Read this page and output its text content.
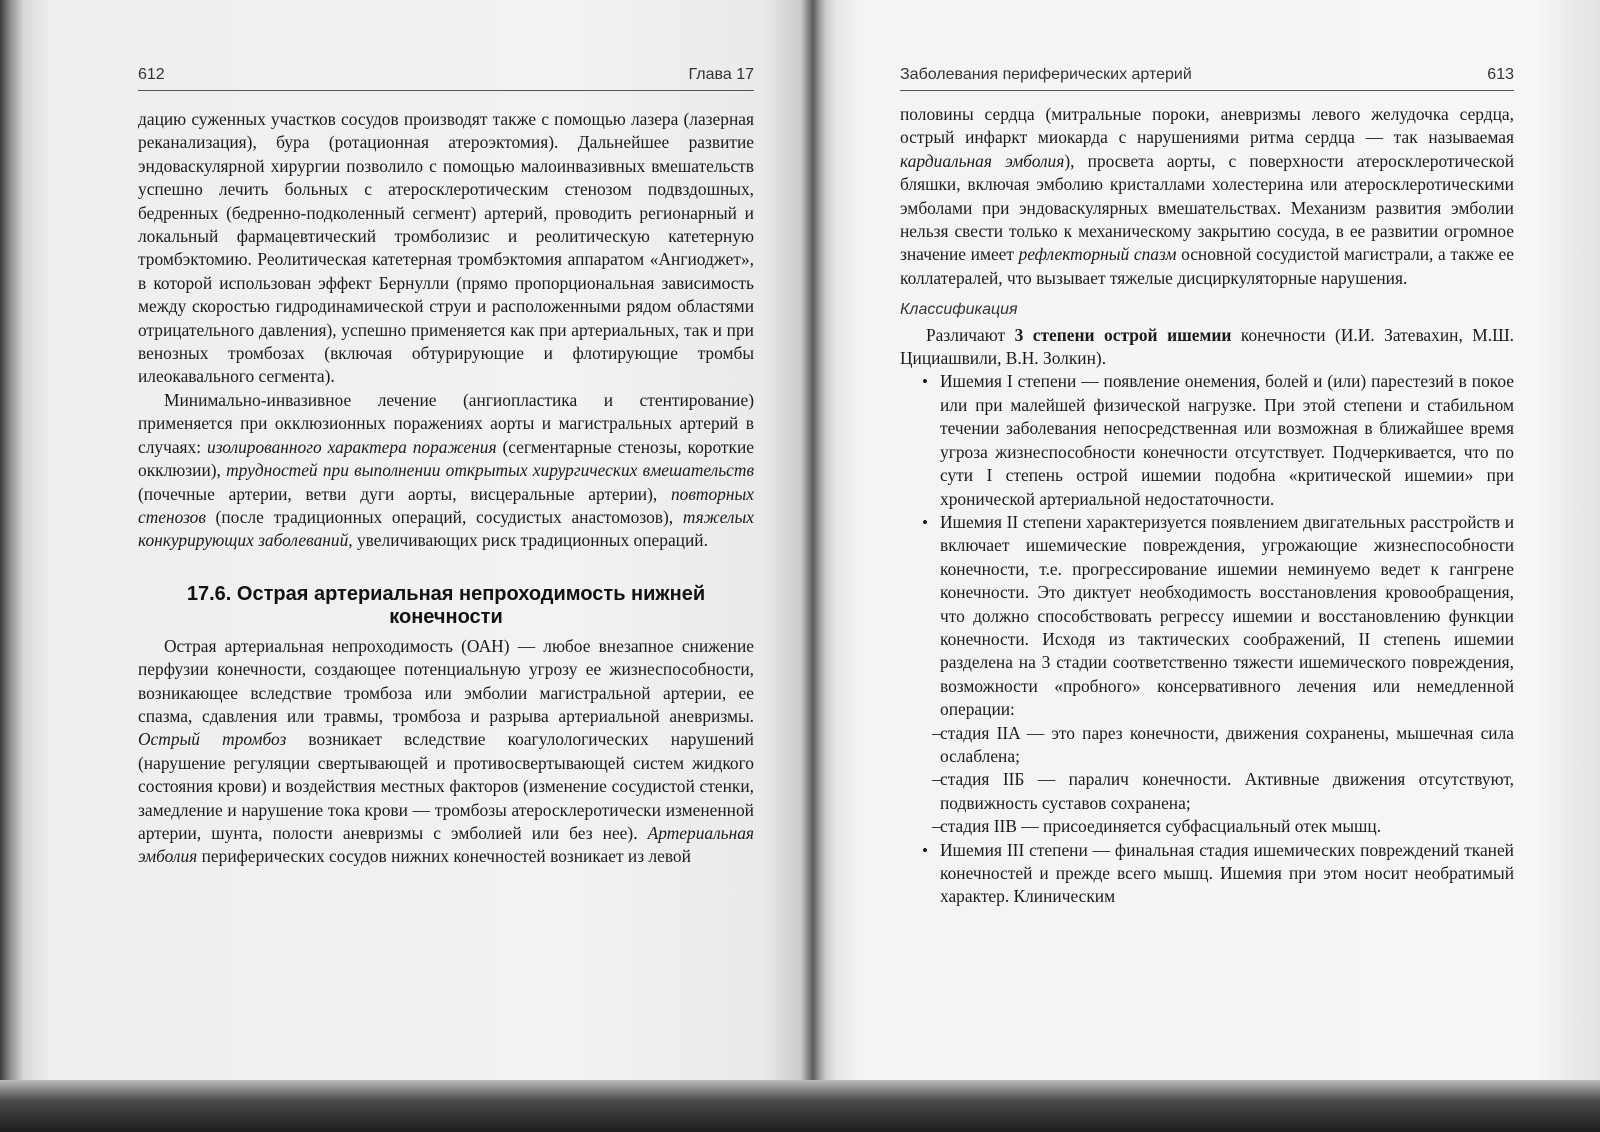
612	Глава 17

дацию суженных участков сосудов производят также с помощью лазера (лазерная реканализация), бура (ротационная атероэктомия). Дальнейшее развитие эндоваскулярной хирургии позволило с помощью малоинвазивных вмешательств успешно лечить больных с атеросклеротическим стенозом подвздошных, бедренных (бедренно-подколенный сегмент) артерий, проводить регионарный и локальный фармацевтический тромболизис и реолитическую катетерную тромбэктомию. Реолитическая катетерная тромбэктомия аппаратом «Ангиоджет», в которой использован эффект Бернулли (прямо пропорциональная зависимость между скоростью гидродинамической струи и расположенными рядом областями отрицательного давления), успешно применяется как при артериальных, так и при венозных тромбозах (включая обтурирующие и флотирующие тромбы илеокавального сегмента).

Минимально-инвазивное лечение (ангиопластика и стентирование) применяется при окклюзионных поражениях аорты и магистральных артерий в случаях: изолированного характера поражения (сегментарные стенозы, короткие окклюзии), трудностей при выполнении открытых хирургических вмешательств (почечные артерии, ветви дуги аорты, висцеральные артерии), повторных стенозов (после традиционных операций, сосудистых анастомозов), тяжелых конкурирующих заболеваний, увеличивающих риск традиционных операций.

17.6. Острая артериальная непроходимость нижней конечности

Острая артериальная непроходимость (ОАН) — любое внезапное снижение перфузии конечности, создающее потенциальную угрозу ее жизнеспособности, возникающее вследствие тромбоза или эмболии магистральной артерии, ее спазма, сдавления или травмы, тромбоза и разрыва артериальной аневризмы. Острый тромбоз возникает вследствие коагулологических нарушений (нарушение регуляции свертывающей и противосвертывающей систем жидкого состояния крови) и воздействия местных факторов (изменение сосудистой стенки, замедление и нарушение тока крови — тромбозы атеросклеротически измененной артерии, шунта, полости аневризмы с эмболией или без нее). Артериальная эмболия периферических сосудов нижних конечностей возникает из левой

Заболевания периферических артерий	613

половины сердца (митральные пороки, аневризмы левого желудочка сердца, острый инфаркт миокарда с нарушениями ритма сердца — так называемая кардиальная эмболия), просвета аорты, с поверхности атеросклеротической бляшки, включая эмболию кристаллами холестерина или атеросклеротическими эмболами при эндоваскулярных вмешательствах. Механизм развития эмболии нельзя свести только к механическому закрытию сосуда, в ее развитии огромное значение имеет рефлекторный спазм основной сосудистой магистрали, а также ее коллатералей, что вызывает тяжелые дисциркуляторные нарушения.

Классификация

Различают 3 степени острой ишемии конечности (И.И. Затевахин, М.Ш. Цициашвили, В.Н. Золкин).

• Ишемия I степени — появление онемения, болей и (или) парестезий в покое или при малейшей физической нагрузке. При этой степени и стабильном течении заболевания непосредственная или возможная в ближайшее время угроза жизнеспособности конечности отсутствует. Подчеркивается, что по сути I степень острой ишемии подобна «критической ишемии» при хронической артериальной недостаточности.
• Ишемия II степени характеризуется появлением двигательных расстройств и включает ишемические повреждения, угрожающие жизнеспособности конечности, т.е. прогрессирование ишемии неминуемо ведет к гангрене конечности. Это диктует необходимость восстановления кровообращения, что должно способствовать регрессу ишемии и восстановлению функции конечности. Исходя из тактических соображений, II степень ишемии разделена на 3 стадии соответственно тяжести ишемического повреждения, возможности «пробного» консервативного лечения или немедленной операции:
– стадия IIA — это парез конечности, движения сохранены, мышечная сила ослаблена;
– стадия IIБ — паралич конечности. Активные движения отсутствуют, подвижность суставов сохранена;
– стадия IIВ — присоединяется субфасциальный отек мышц.
• Ишемия III степени — финальная стадия ишемических повреждений тканей конечностей и прежде всего мышц. Ишемия при этом носит необратимый характер. Клиническим
